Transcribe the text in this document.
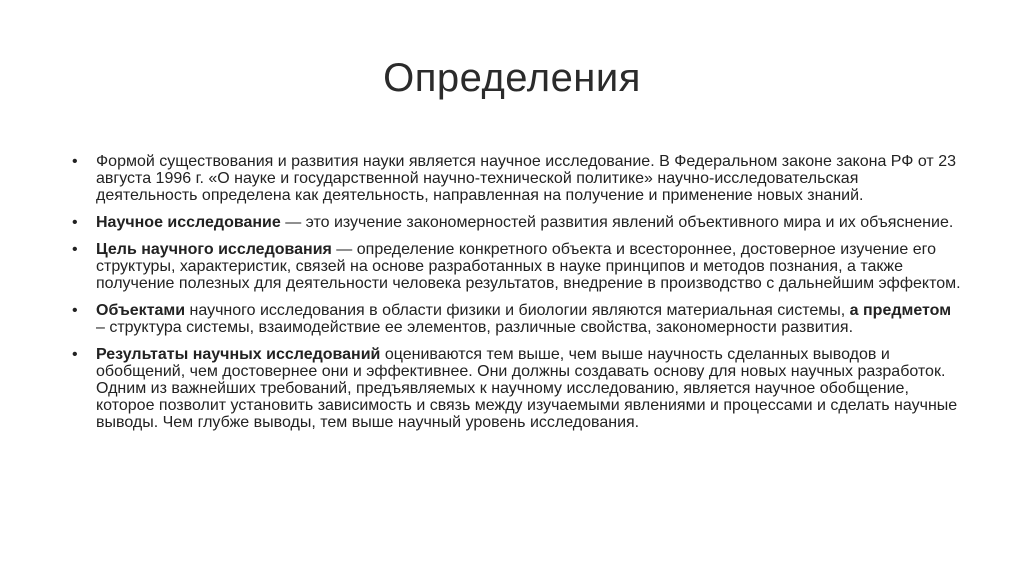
Определения
• Формой существования и развития науки является научное исследование. В Федеральном законе закона РФ от 23 августа 1996 г. «О науке и государственной научно-технической политике» научно-исследовательская деятельность определена как деятельность, направленная на получение и применение новых знаний.
• Научное исследование — это изучение закономерностей развития явлений объективного мира и их объяснение.
• Цель научного исследования — определение конкретного объекта и всестороннее, достоверное изучение его структуры, характеристик, связей на основе разработанных в науке принципов и методов познания, а также получение полезных для деятельности человека результатов, внедрение в производство с дальнейшим эффектом.
• Объектами научного исследования в области физики и биологии являются материальная системы, а предметом – структура системы, взаимодействие ее элементов, различные свойства, закономерности развития.
• Результаты научных исследований оцениваются тем выше, чем выше научность сделанных выводов и обобщений, чем достовернее они и эффективнее. Они должны создавать основу для новых научных разработок. Одним из важнейших требований, предъявляемых к научному исследованию, является научное обобщение, которое позволит установить зависимость и связь между изучаемыми явлениями и процессами и сделать научные выводы. Чем глубже выводы, тем выше научный уровень исследования.
